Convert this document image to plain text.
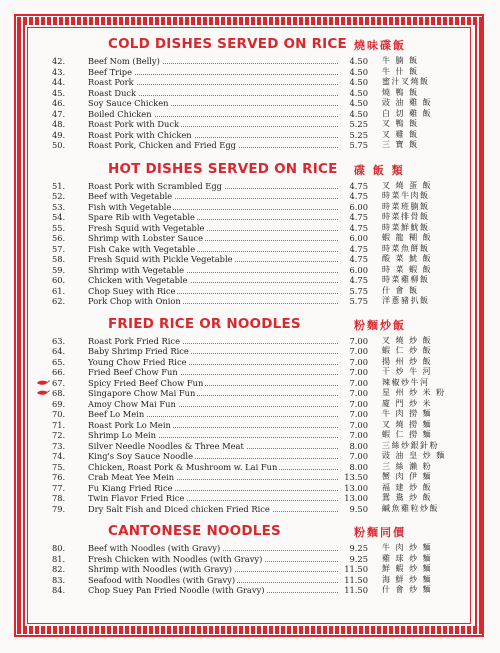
COLD DISHES SERVED ON RICE 燒味碟飯
42.	Beef Nom (Belly)	4.50 牛 腩 飯
43.	Beef Tripe	4.50 牛 什 飯
44.	Roast Pork	4.50 蜜汁叉燒飯
45.	Roast Duck	4.50 燒 鴨 飯
46.	Soy Sauce Chicken	4.50 豉 油 雞 飯
47.	Boiled Chicken	4.50 白 切 雞 飯
48.	Roast Pork with Duck	5.25 叉 鴨 飯
49.	Roast Pork with Chicken	5.25 叉 雞 飯
50.	Roast Pork, Chicken and Fried Egg	5.75 三 寶 飯
HOT DISHES SERVED ON RICE 碟 飯 類
51.	Roast Pork with Scrambled Egg	4.75 叉 燒 蛋 飯
52.	Beef with Vegetable	4.75 時菜牛肉飯
53.	Fish with Vegetable	6.00 時菜班腩飯
54.	Spare Rib with Vegetable	4.75 時菜排骨飯
55.	Fresh Squid with Vegetable	4.75 時菜鮮魷飯
56.	Shrimp with Lobster Sauce	6.00 蝦 龍 糊 飯
57.	Fish Cake with Vegetable	4.75 時菜魚餅飯
58.	Fresh Squid with Pickle Vegetable	4.75 酸 菜 魷 飯
59.	Shrimp with Vegetable	6.00 時 菜 蝦 飯
60.	Chicken with Vegetable	4.75 時菜雞柳飯
61.	Chop Suey with Rice	5.75 什 會 飯
62.	Pork Chop with Onion	5.75 洋蔥豬扒飯
FRIED RICE OR NOODLES	粉麵炒飯
63.	Roast Pork Fried Rice	7.00 叉 燒 炒 飯
64.	Baby Shrimp Fried Rice	7.00 蝦 仁 炒 飯
65.	Young Chow Fried Rice	7.00 揚 州 炒 飯
66.	Fried Beef Chow Fun	7.00 干 炒 牛 河
67.	Spicy Fried Beef Chow Fun	7.00 辣椒炒牛河
68.	Singapore Chow Mai Fun	7.00 星 州 炒 米 粉
69.	Amoy Chow Mai Fun	7.00 廈 門 炒 米
70.	Beef Lo Mein	7.00 牛 肉 撈 麵
71.	Roast Pork Lo Mein	7.00 叉 燒 撈 麵
72.	Shrimp Lo Mein	7.00 蝦 仁 撈 麵
73.	Silver Needle Noodles & Three Meat	8.00 三絲炒銀針粉
74.	King's Soy Sauce Noodle	7.00 豉 油 皇 炒 麵
75.	Chicken, Roast Pork & Mushroom w. Lai Fun	8.00 三 絲 瀨 粉
76.	Crab Meat Yee Mein	13.50 蟹 肉 伊 麵
77.	Fu Kiang Fried Rice	13.00 福 建 炒 飯
78.	Twin Flavor Fried Rice	13.00 鴛 鴦 炒 飯
79.	Dry Salt Fish and Diced chicken Fried Rice	9.50 鹹魚雞粒炒飯
CANTONESE NOODLES	粉麵同價
80.	Beef with Noodles (with Gravy)	9.25 牛 肉 炒 麵
81.	Fresh Chicken with Noodles (with Gravy)	9.25 雞 球 炒 麵
82.	Shrimp with Noodles (with Gravy)	11.50 鮮 蝦 炒 麵
83.	Seafood with Noodles (with Gravy)	11.50 海 鮮 炒 麵
84.	Chop Suey Pan Fried Noodle (with Gravy)	11.50 什 會 炒 麵
